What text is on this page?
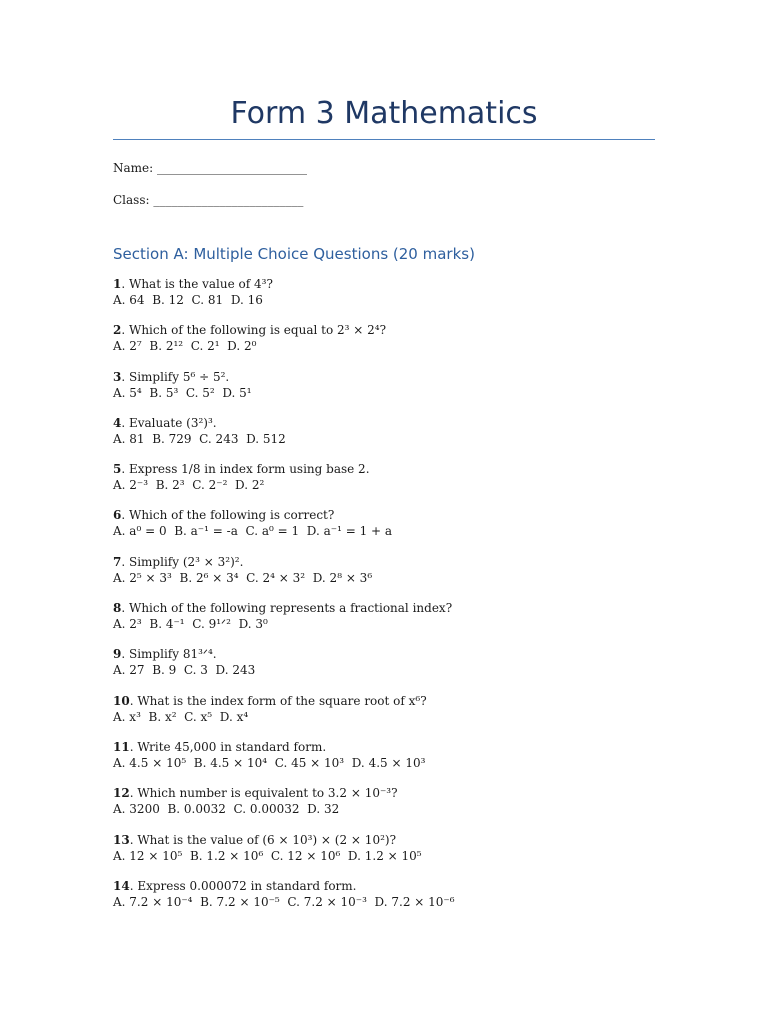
Form 3 Mathematics
Name: _________________________
Class: _________________________
Section A: Multiple Choice Questions (20 marks)
1. What is the value of 4³?
A. 64  B. 12  C. 81  D. 16
2. Which of the following is equal to 2³ × 2⁴?
A. 2⁷  B. 2¹²  C. 2¹  D. 2⁰
3. Simplify 5⁶ ÷ 5².
A. 5⁴  B. 5³  C. 5²  D. 5¹
4. Evaluate (3²)³.
A. 81  B. 729  C. 243  D. 512
5. Express 1/8 in index form using base 2.
A. 2⁻³  B. 2³  C. 2⁻²  D. 2²
6. Which of the following is correct?
A. a⁰ = 0  B. a⁻¹ = -a  C. a⁰ = 1  D. a⁻¹ = 1 + a
7. Simplify (2³ × 3²)².
A. 2⁵ × 3³  B. 2⁶ × 3⁴  C. 2⁴ × 3²  D. 2⁸ × 3⁶
8. Which of the following represents a fractional index?
A. 2³  B. 4⁻¹  C. 9¹ᐟ²  D. 3⁰
9. Simplify 81³ᐟ⁴.
A. 27  B. 9  C. 3  D. 243
10. What is the index form of the square root of x⁶?
A. x³  B. x²  C. x⁵  D. x⁴
11. Write 45,000 in standard form.
A. 4.5 × 10⁵  B. 4.5 × 10⁴  C. 45 × 10³  D. 4.5 × 10³
12. Which number is equivalent to 3.2 × 10⁻³?
A. 3200  B. 0.0032  C. 0.00032  D. 32
13. What is the value of (6 × 10³) × (2 × 10²)?
A. 12 × 10⁵  B. 1.2 × 10⁶  C. 12 × 10⁶  D. 1.2 × 10⁵
14. Express 0.000072 in standard form.
A. 7.2 × 10⁻⁴  B. 7.2 × 10⁻⁵  C. 7.2 × 10⁻³  D. 7.2 × 10⁻⁶
